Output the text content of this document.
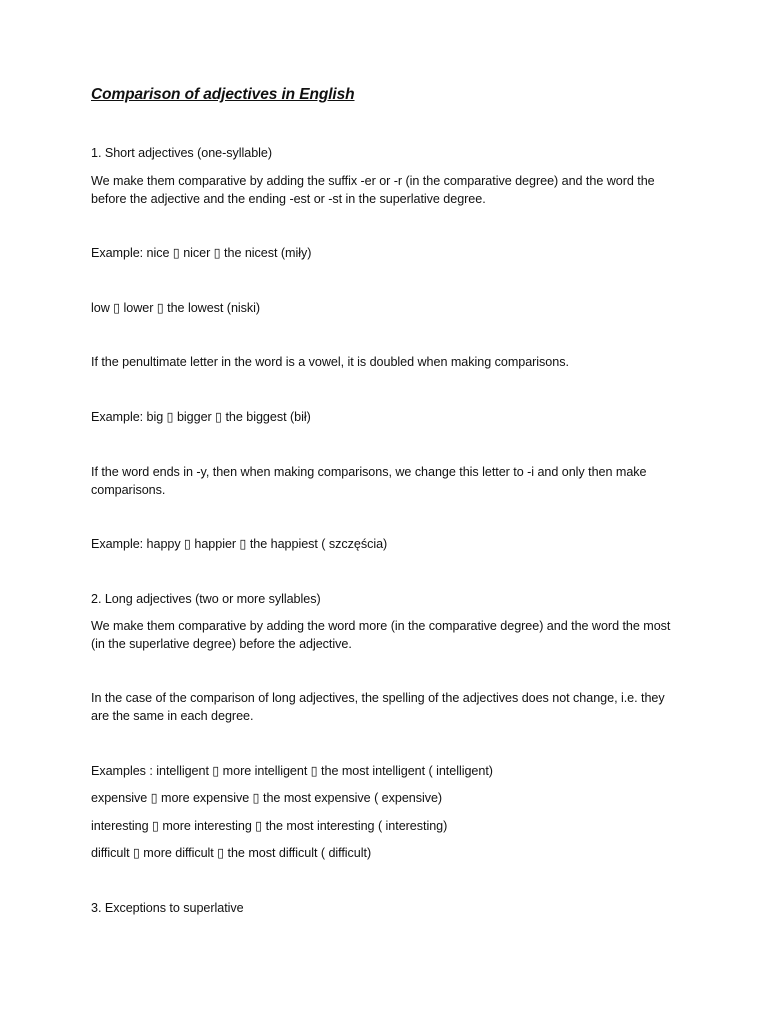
Comparison of adjectives in English
1. Short adjectives (one-syllable)
We make them comparative by adding the suffix -er or -r (in the comparative degree) and the word the before the adjective and the ending -est or -st in the superlative degree.
Example: nice ▯ nicer ▯ the nicest (miły)
low ▯ lower ▯ the lowest (niski)
If the penultimate letter in the word is a vowel, it is doubled when making comparisons.
Example: big ▯ bigger ▯ the biggest (bił)
If the word ends in -y, then when making comparisons, we change this letter to -i and only then make comparisons.
Example: happy ▯ happier ▯ the happiest ( szczęścia)
2. Long adjectives (two or more syllables)
We make them comparative by adding the word more (in the comparative degree) and the word the most (in the superlative degree) before the adjective.
In the case of the comparison of long adjectives, the spelling of the adjectives does not change, i.e. they are the same in each degree.
Examples : intelligent ▯ more intelligent ▯ the most intelligent ( intelligent)
expensive ▯ more expensive ▯ the most expensive ( expensive)
interesting ▯ more interesting ▯ the most interesting ( interesting)
difficult ▯ more difficult ▯ the most difficult ( difficult)
3. Exceptions to superlative
